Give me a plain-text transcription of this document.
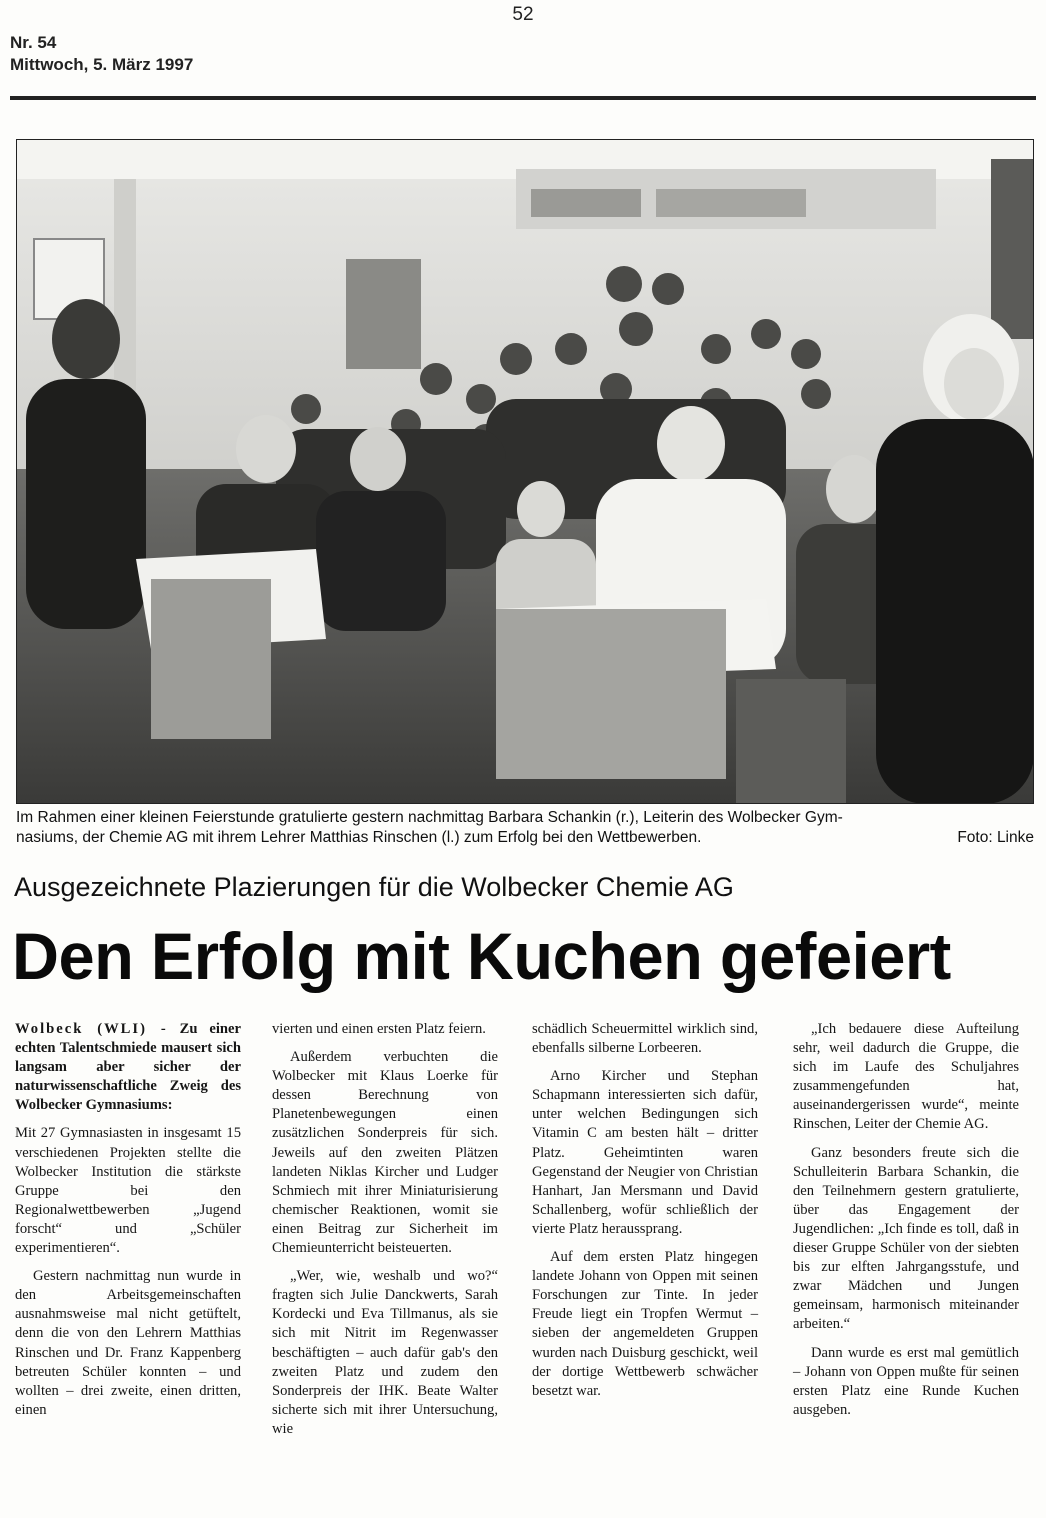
52
Nr. 54
Mittwoch, 5. März 1997
Im Rahmen einer kleinen Feierstunde gratulierte gestern nachmittag Barbara Schankin (r.), Leiterin des Wolbecker Gym-
nasiums, der Chemie AG mit ihrem Lehrer Matthias Rinschen (l.) zum Erfolg bei den Wettbewerben.	Foto: Linke
Ausgezeichnete Plazierungen für die Wolbecker Chemie AG
Den Erfolg mit Kuchen gefeiert

Wolbeck (WLI) - Zu einer echten Talentschmiede mausert sich langsam aber sicher der naturwissenschaftliche Zweig des Wolbecker Gymnasiums:

Mit 27 Gymnasiasten in insgesamt 15 verschiedenen Projekten stellte die Wolbecker Institution die stärkste Gruppe bei den Regionalwettbewerben „Jugend forscht“ und „Schüler experimentieren“.

Gestern nachmittag nun wurde in den Arbeitsgemeinschaften ausnahmsweise mal nicht getüftelt, denn die von den Lehrern Matthias Rinschen und Dr. Franz Kappenberg betreuten Schüler konnten – und wollten – drei zweite, einen dritten, einen

vierten und einen ersten Platz feiern.

Außerdem verbuchten die Wolbecker mit Klaus Loerke für dessen Berechnung von Planetenbewegungen einen zusätzlichen Sonderpreis für sich. Jeweils auf den zweiten Plätzen landeten Niklas Kircher und Ludger Schmiech mit ihrer Miniaturisierung chemischer Reaktionen, womit sie einen Beitrag zur Sicherheit im Chemieunterricht beisteuerten.

„Wer, wie, weshalb und wo?“ fragten sich Julie Danckwerts, Sarah Kordecki und Eva Tillmanus, als sie sich mit Nitrit im Regenwasser beschäftigten – auch dafür gab's den zweiten Platz und zudem den Sonderpreis der IHK. Beate Walter sicherte sich mit ihrer Untersuchung, wie

schädlich Scheuermittel wirklich sind, ebenfalls silberne Lorbeeren.

Arno Kircher und Stephan Schapmann interessierten sich dafür, unter welchen Bedingungen sich Vitamin C am besten hält – dritter Platz. Geheimtinten waren Gegenstand der Neugier von Christian Hanhart, Jan Mersmann und David Schallenberg, wofür schließlich der vierte Platz heraussprang.

Auf dem ersten Platz hingegen landete Johann von Oppen mit seinen Forschungen zur Tinte. In jeder Freude liegt ein Tropfen Wermut – sieben der angemeldeten Gruppen wurden nach Duisburg geschickt, weil der dortige Wettbewerb schwächer besetzt war.

„Ich bedauere diese Aufteilung sehr, weil dadurch die Gruppe, die sich im Laufe des Schuljahres zusammengefunden hat, auseinandergerissen wurde“, meinte Rinschen, Leiter der Chemie AG.

Ganz besonders freute sich die Schulleiterin Barbara Schankin, die den Teilnehmern gestern gratulierte, über das Engagement der Jugendlichen: „Ich finde es toll, daß in dieser Gruppe Schüler von der siebten bis zur elften Jahrgangsstufe, und zwar Mädchen und Jungen gemeinsam, harmonisch miteinander arbeiten.“

Dann wurde es erst mal gemütlich – Johann von Oppen mußte für seinen ersten Platz eine Runde Kuchen ausgeben.
